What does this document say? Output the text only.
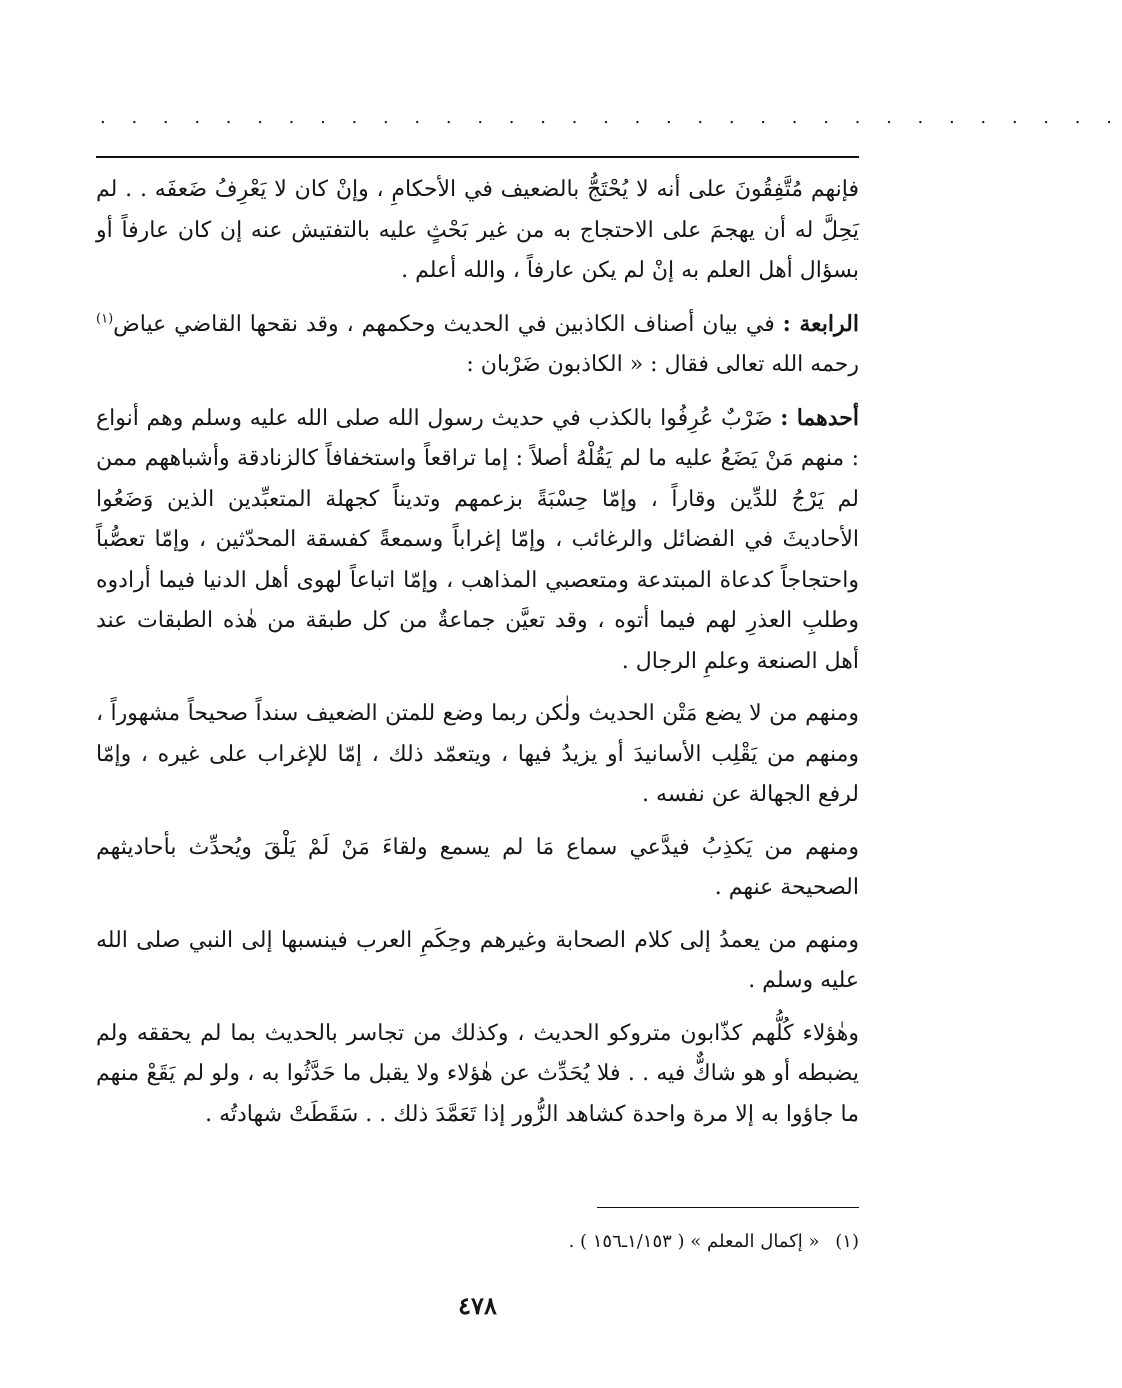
. . . . . . . . . . . . . . . . . . . . . . . . . . . . . . . . .

فإنهم مُتَّفِقُونَ على أنه لا يُحْتَجُّ بالضعيف في الأحكامِ ، وإنْ كان لا يَعْرِفُ ضَعفَه . . لم يَحِلَّ له أن يهجمَ على الاحتجاج به من غير بَحْثٍ عليه بالتفتيش عنه إن كان عارفاً أو بسؤال أهل العلم به إنْ لم يكن عارفاً ، والله أعلم .

الرابعة : في بيان أصناف الكاذبين في الحديث وحكمهم ، وقد نقحها القاضي عياض$^{(١)}$ رحمه الله تعالى فقال : « الكاذبون ضَرْبان :

أحدهما : ضَرْبٌ عُرِفُوا بالكذب في حديث رسول الله صلى الله عليه وسلم وهم أنواع : منهم مَنْ يَضَعُ عليه ما لم يَقُلْهُ أصلاً : إما تراقعاً واستخفافاً كالزنادقة وأشباههم ممن لم يَرْجُ للدِّين وقاراً ، وإمّا حِسْبَةً بزعمهم وتديناً كجهلة المتعبِّدين الذين وَضَعُوا الأحاديثَ في الفضائل والرغائب ، وإمّا إغراباً وسمعةً كفسقة المحدّثين ، وإمّا تعصُّباً واحتجاجاً كدعاة المبتدعة ومتعصبي المذاهب ، وإمّا اتباعاً لهوى أهل الدنيا فيما أرادوه وطلبِ العذرِ لهم فيما أتوه ، وقد تعيَّن جماعةٌ من كل طبقة من هٰذه الطبقات عند أهل الصنعة وعلمِ الرجال .

ومنهم من لا يضع مَتْن الحديث ولٰكن ربما وضع للمتن الضعيف سنداً صحيحاً مشهوراً ، ومنهم من يَقْلِب الأسانيدَ أو يزيدُ فيها ، ويتعمّد ذلك ، إمّا للإغراب على غيره ، وإمّا لرفع الجهالة عن نفسه .

ومنهم من يَكذِبُ فيدَّعي سماع مَا لم يسمع ولقاءَ مَنْ لَمْ يَلْقَ ويُحدِّث بأحاديثهم الصحيحة عنهم .

ومنهم من يعمدُ إلى كلام الصحابة وغيرهم وحِكَمِ العرب فينسبها إلى النبي صلى الله عليه وسلم .

وهٰؤلاء كُلُّهم كذّابون متروكو الحديث ، وكذلك من تجاسر بالحديث بما لم يحققه ولم يضبطه أو هو شاكٌّ فيه . . فلا يُحَدِّث عن هٰؤلاء ولا يقبل ما حَدَّثُوا به ، ولو لم يَقَعْ منهم ما جاؤوا به إلا مرة واحدة كشاهد الزُّور إذا تَعَمَّدَ ذلك . . سَقَطَتْ شهادتُه .

(١) « إكمال المعلم » ( ١/١٥٣ـ١٥٦ ) .
٤٧٨
